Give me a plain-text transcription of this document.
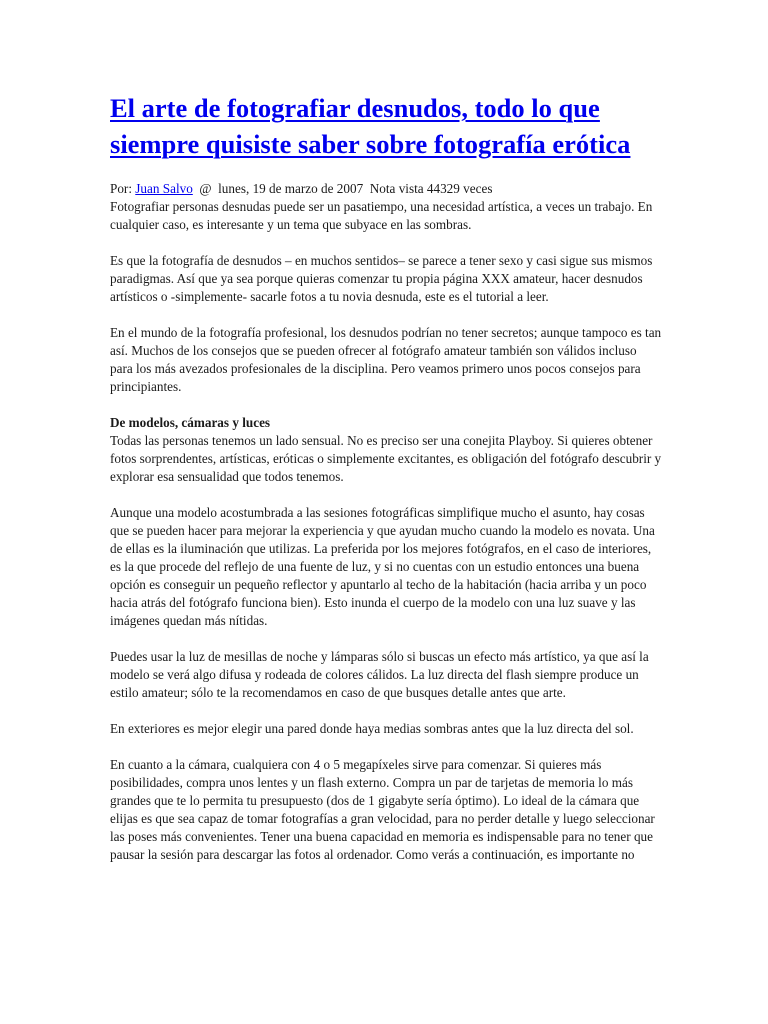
El arte de fotografiar desnudos, todo lo que siempre quisiste saber sobre fotografía erótica
Por: Juan Salvo  @  lunes, 19 de marzo de 2007  Nota vista 44329 veces

Fotografiar personas desnudas puede ser un pasatiempo, una necesidad artística, a veces un trabajo. En cualquier caso, es interesante y un tema que subyace en las sombras.

Es que la fotografía de desnudos – en muchos sentidos– se parece a tener sexo y casi sigue sus mismos paradigmas. Así que ya sea porque quieras comenzar tu propia página XXX amateur, hacer desnudos artísticos o -simplemente- sacarle fotos a tu novia desnuda, este es el tutorial a leer.

En el mundo de la fotografía profesional, los desnudos podrían no tener secretos; aunque tampoco es tan así. Muchos de los consejos que se pueden ofrecer al fotógrafo amateur también son válidos incluso para los más avezados profesionales de la disciplina. Pero veamos primero unos pocos consejos para principiantes.

De modelos, cámaras y luces

Todas las personas tenemos un lado sensual. No es preciso ser una conejita Playboy. Si quieres obtener fotos sorprendentes, artísticas, eróticas o simplemente excitantes, es obligación del fotógrafo descubrir y explorar esa sensualidad que todos tenemos.

Aunque una modelo acostumbrada a las sesiones fotográficas simplifique mucho el asunto, hay cosas que se pueden hacer para mejorar la experiencia y que ayudan mucho cuando la modelo es novata. Una de ellas es la iluminación que utilizas. La preferida por los mejores fotógrafos, en el caso de interiores, es la que procede del reflejo de una fuente de luz, y si no cuentas con un estudio entonces una buena opción es conseguir un pequeño reflector y apuntarlo al techo de la habitación (hacia arriba y un poco hacia atrás del fotógrafo funciona bien). Esto inunda el cuerpo de la modelo con una luz suave y las imágenes quedan más nítidas.

Puedes usar la luz de mesillas de noche y lámparas sólo si buscas un efecto más artístico, ya que así la modelo se verá algo difusa y rodeada de colores cálidos. La luz directa del flash siempre produce un estilo amateur; sólo te la recomendamos en caso de que busques detalle antes que arte.

En exteriores es mejor elegir una pared donde haya medias sombras antes que la luz directa del sol.

En cuanto a la cámara, cualquiera con 4 o 5 megapíxeles sirve para comenzar. Si quieres más posibilidades, compra unos lentes y un flash externo. Compra un par de tarjetas de memoria lo más grandes que te lo permita tu presupuesto (dos de 1 gigabyte sería óptimo). Lo ideal de la cámara que elijas es que sea capaz de tomar fotografías a gran velocidad, para no perder detalle y luego seleccionar las poses más convenientes. Tener una buena capacidad en memoria es indispensable para no tener que pausar la sesión para descargar las fotos al ordenador. Como verás a continuación, es importante no
